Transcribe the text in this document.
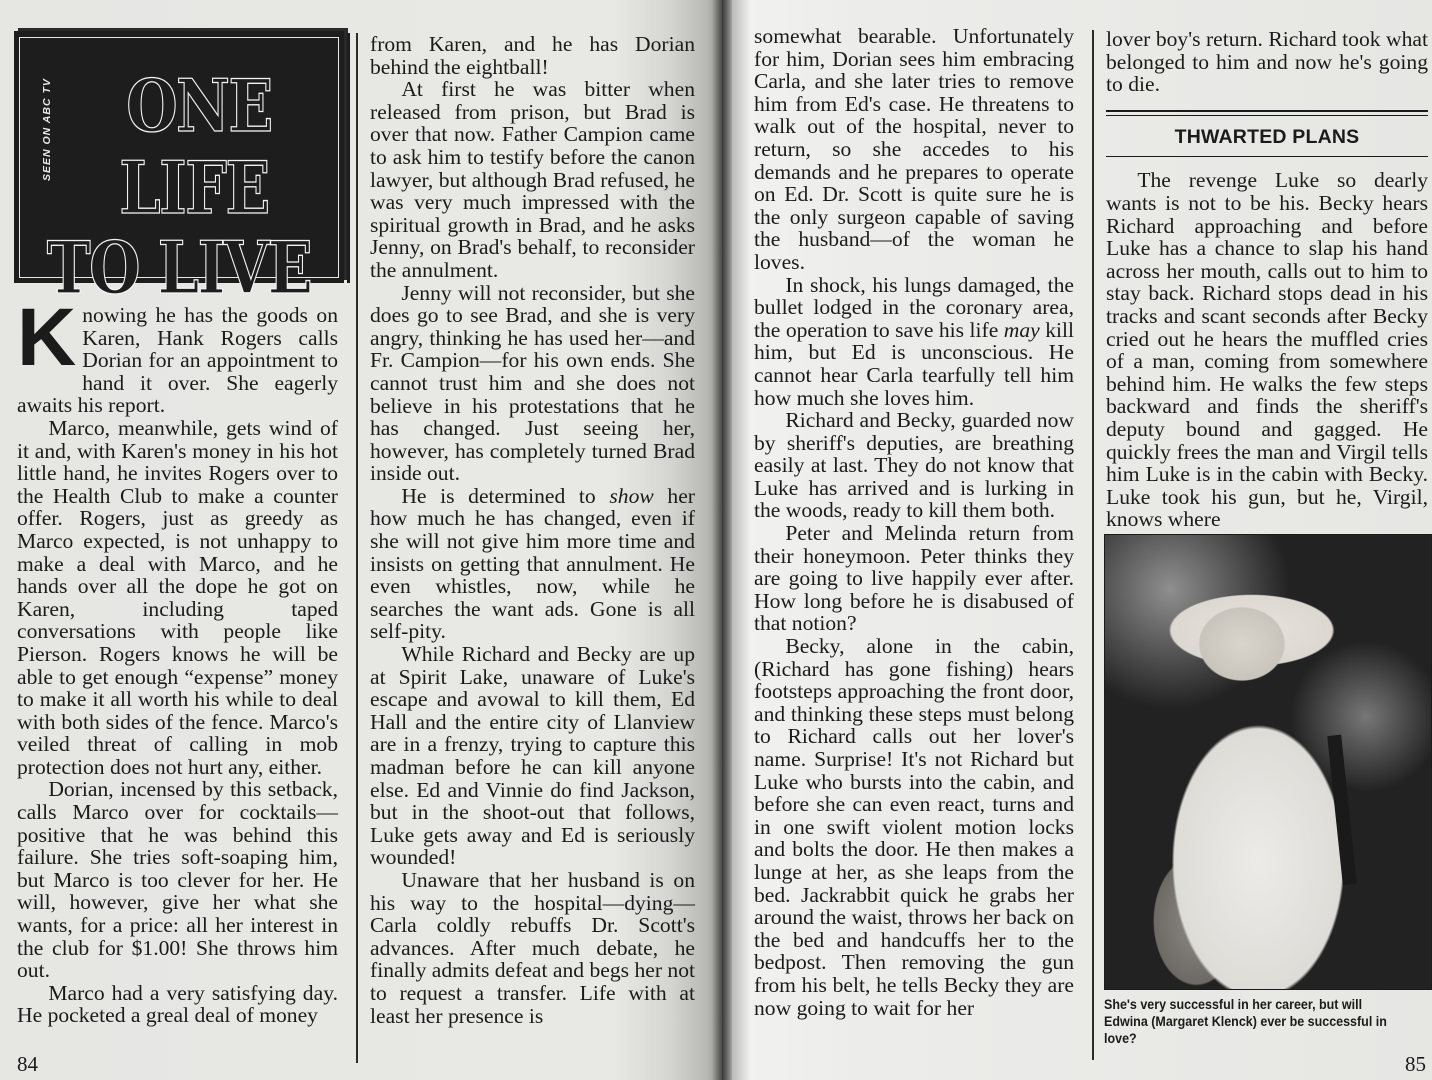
SEEN ON ABC TV	ONE
LIFE
TO LIVE

Knowing he has the goods on Karen, Hank Rogers calls Dorian for an appointment to hand it over. She eagerly awaits his report.

Marco, meanwhile, gets wind of it and, with Karen's money in his hot little hand, he invites Rogers over to the Health Club to make a counter offer. Rogers, just as greedy as Marco expected, is not unhappy to make a deal with Marco, and he hands over all the dope he got on Karen, including taped conversations with people like Pierson. Rogers knows he will be able to get enough “expense” money to make it all worth his while to deal with both sides of the fence. Marco's veiled threat of calling in mob protection does not hurt any, either.

Dorian, incensed by this setback, calls Marco over for cocktails—positive that he was behind this failure. She tries soft-soaping him, but Marco is too clever for her. He will, however, give her what she wants, for a price: all her interest in the club for $1.00! She throws him out.

Marco had a very satisfying day. He pocketed a greal deal of money

from Karen, and he has Dorian behind the eightball!

At first he was bitter when released from prison, but Brad is over that now. Father Campion came to ask him to testify before the canon lawyer, but although Brad refused, he was very much impressed with the spiritual growth in Brad, and he asks Jenny, on Brad's behalf, to reconsider the annulment.

Jenny will not reconsider, but she does go to see Brad, and she is very angry, thinking he has used her—and Fr. Campion—for his own ends. She cannot trust him and she does not believe in his protestations that he has changed. Just seeing her, however, has completely turned Brad inside out.

He is determined to show her how much he has changed, even if she will not give him more time and insists on getting that annulment. He even whistles, now, while he searches the want ads. Gone is all self-pity.

While Richard and Becky are up at Spirit Lake, unaware of Luke's escape and avowal to kill them, Ed Hall and the entire city of Llanview are in a frenzy, trying to capture this madman before he can kill anyone else. Ed and Vinnie do find Jackson, but in the shoot-out that follows, Luke gets away and Ed is seriously wounded!

Unaware that her husband is on his way to the hospital—dying—Carla coldly rebuffs Dr. Scott's advances. After much debate, he finally admits defeat and begs her not to request a transfer. Life with at least her presence is

84

somewhat bearable. Unfortunately for him, Dorian sees him embracing Carla, and she later tries to remove him from Ed's case. He threatens to walk out of the hospital, never to return, so she accedes to his demands and he prepares to operate on Ed. Dr. Scott is quite sure he is the only surgeon capable of saving the husband—of the woman he loves.

In shock, his lungs damaged, the bullet lodged in the coronary area, the operation to save his life may kill him, but Ed is unconscious. He cannot hear Carla tearfully tell him how much she loves him.

Richard and Becky, guarded now by sheriff's deputies, are breathing easily at last. They do not know that Luke has arrived and is lurking in the woods, ready to kill them both.

Peter and Melinda return from their honeymoon. Peter thinks they are going to live happily ever after. How long before he is disabused of that notion?

Becky, alone in the cabin, (Richard has gone fishing) hears footsteps approaching the front door, and thinking these steps must belong to Richard calls out her lover's name. Surprise! It's not Richard but Luke who bursts into the cabin, and before she can even react, turns and in one swift violent motion locks and bolts the door. He then makes a lunge at her, as she leaps from the bed. Jackrabbit quick he grabs her around the waist, throws her back on the bed and handcuffs her to the bedpost. Then removing the gun from his belt, he tells Becky they are now going to wait for her

lover boy's return. Richard took what belonged to him and now he's going to die.

THWARTED PLANS

The revenge Luke so dearly wants is not to be his. Becky hears Richard approaching and before Luke has a chance to slap his hand across her mouth, calls out to him to stay back. Richard stops dead in his tracks and scant seconds after Becky cried out he hears the muffled cries of a man, coming from somewhere behind him. He walks the few steps backward and finds the sheriff's deputy bound and gagged. He quickly frees the man and Virgil tells him Luke is in the cabin with Becky. Luke took his gun, but he, Virgil, knows where

She's very successful in her career, but will Edwina (Margaret Klenck) ever be successful in love?
85
